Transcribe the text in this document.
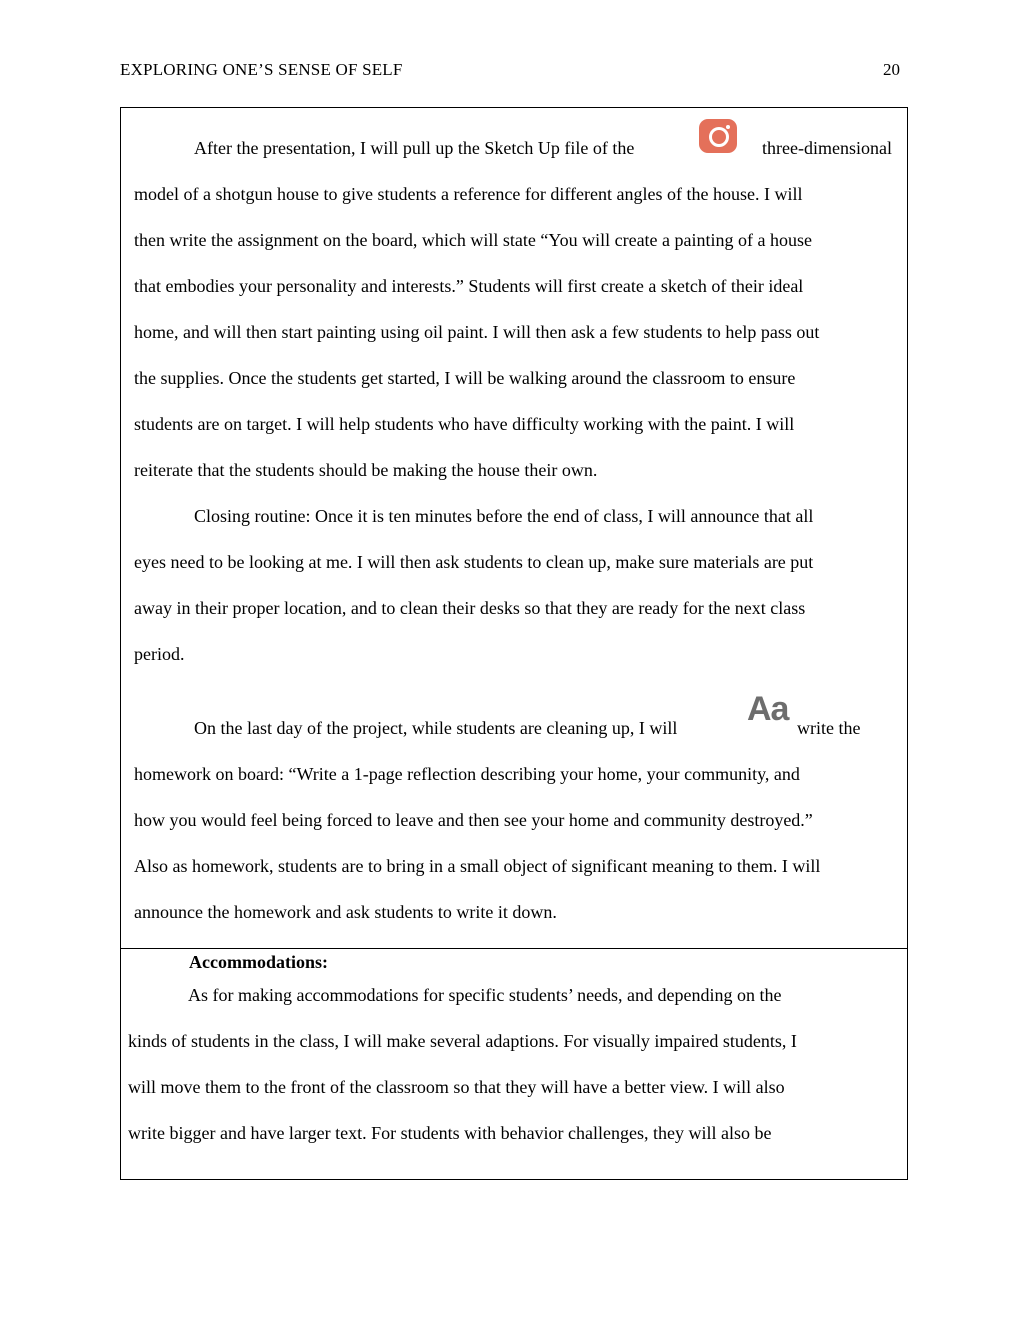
EXPLORING ONE’S SENSE OF SELF	20
Aa
After the presentation, I will pull up the Sketch Up file of the	three-dimensional
model of a shotgun house to give students a reference for different angles of the house. I will
then write the assignment on the board, which will state “You will create a painting of a house
that embodies your personality and interests.” Students will first create a sketch of their ideal
home, and will then start painting using oil paint. I will then ask a few students to help pass out
the supplies. Once the students get started, I will be walking around the classroom to ensure
students are on target. I will help students who have difficulty working with the paint. I will
reiterate that the students should be making the house their own.
Closing routine: Once it is ten minutes before the end of class, I will announce that all
eyes need to be looking at me. I will then ask students to clean up, make sure materials are put
away in their proper location, and to clean their desks so that they are ready for the next class
period.
On the last day of the project, while students are cleaning up, I will	write the
homework on board: “Write a 1-page reflection describing your home, your community, and
how you would feel being forced to leave and then see your home and community destroyed.”
Also as homework, students are to bring in a small object of significant meaning to them. I will
announce the homework and ask students to write it down.
Accommodations:
As for making accommodations for specific students’ needs, and depending on the
kinds of students in the class, I will make several adaptions. For visually impaired students, I
will move them to the front of the classroom so that they will have a better view. I will also
write bigger and have larger text. For students with behavior challenges, they will also be
